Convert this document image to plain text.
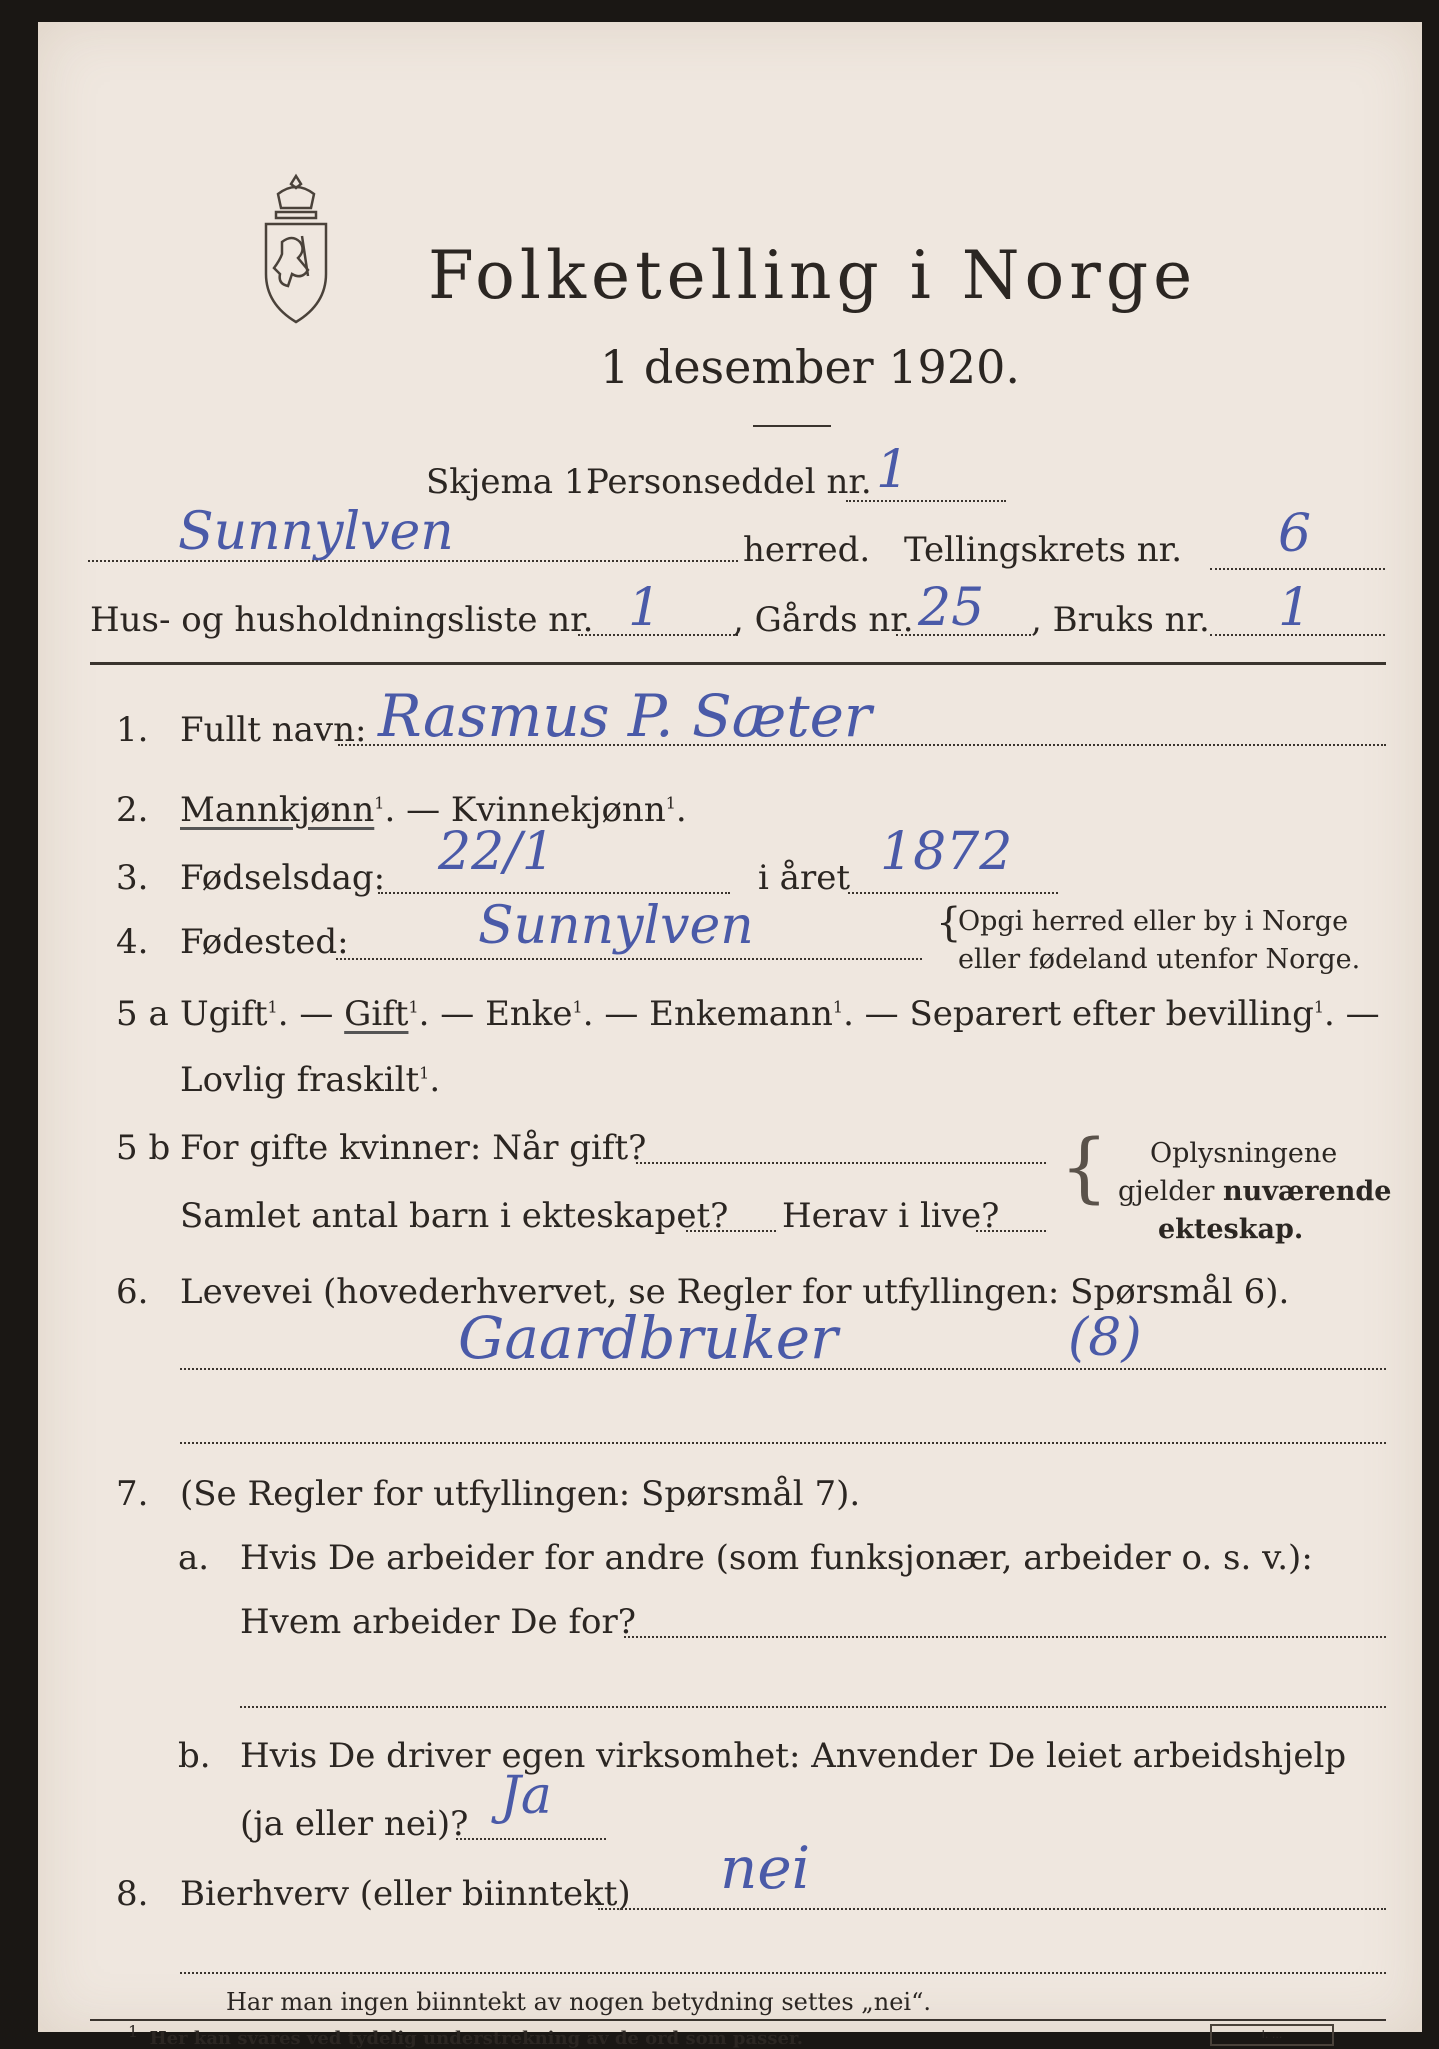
Folketelling i Norge
1 desember 1920.
Skjema 1.
Personseddel nr. 1
Sunnylven	herred. Tellingskrets nr. 6
Hus- og husholdningsliste nr. 1 , Gårds nr. 25 , Bruks nr. 1
1. Fullt navn: Rasmus P. Sæter
2. Mannkjønn$^1$. — Kvinnekjønn$^1$.
3. Fødselsdag: 22/1	i året 1872
4. Fødested: Sunnylven	{
Opgi herred eller by i Norge
eller fødeland utenfor Norge.
5 a Ugift$^1$. — Gift$^1$. — Enke$^1$. — Enkemann$^1$. — Separert efter bevilling$^1$. —
Lovlig fraskilt$^1$.
5 b For gifte kvinner: Når gift?
Samlet antal barn i ekteskapet? Herav i live?
{ Oplysningene
gjelder nuværende
ekteskap.
6. Levevei (hovederhvervet, se Regler for utfyllingen: Spørsmål 6).
Gaardbruker	(8)
7. (Se Regler for utfyllingen: Spørsmål 7).
a. Hvis De arbeider for andre (som funksjonær, arbeider o. s. v.):
Hvem arbeider De for?
b. Hvis De driver egen virksomhet: Anvender De leiet arbeidshjelp
(ja eller nei)? Ja
8. Bierhverv (eller biinntekt) nei
Har man ingen biinntekt av nogen betydning settes „nei“.
$^1$ Her kan svares ved tydelig understrekning av de ord som passer.	I. ...
